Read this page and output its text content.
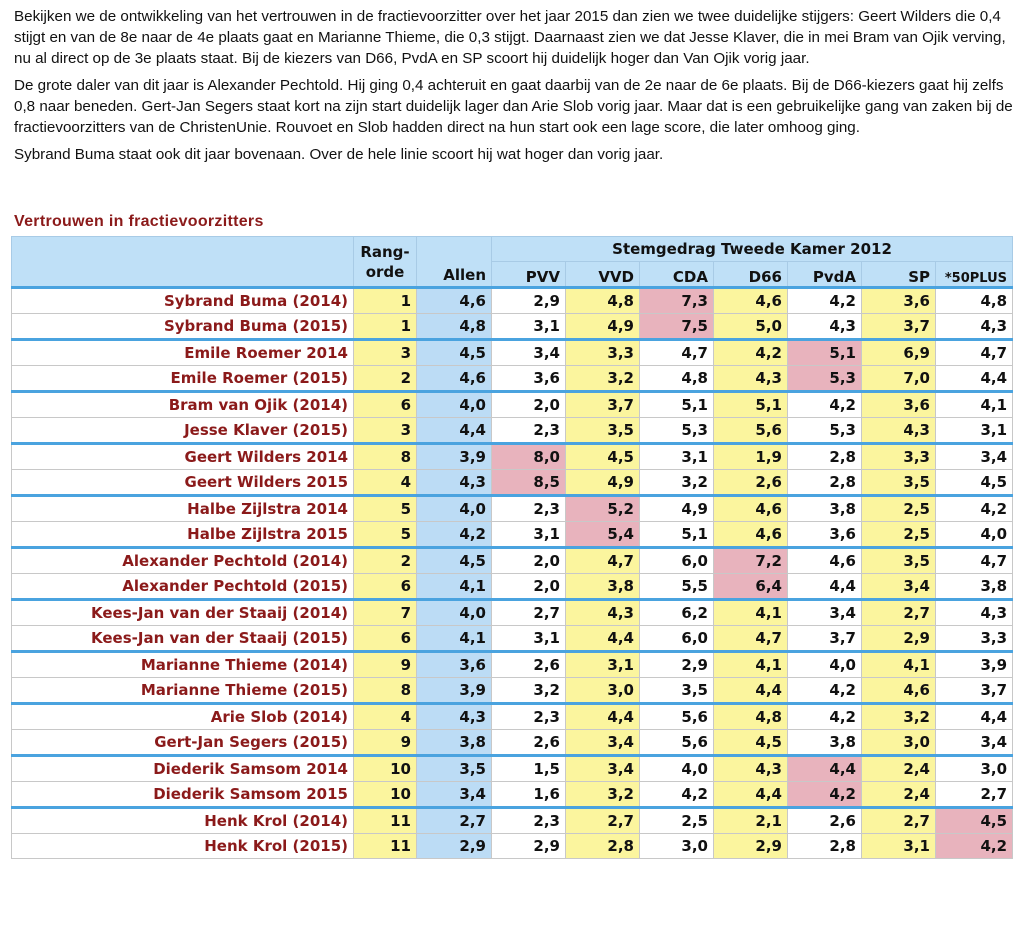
Bekijken we de ontwikkeling van het vertrouwen in de fractievoorzitter over het jaar 2015 dan zien we twee duidelijke stijgers: Geert Wilders die 0,4 stijgt en van de 8e naar de 4e plaats gaat en Marianne Thieme, die 0,3 stijgt. Daarnaast zien we dat Jesse Klaver, die in mei Bram van Ojik verving, nu al direct op de 3e plaats staat. Bij de kiezers van D66, PvdA en SP scoort hij duidelijk hoger dan Van Ojik vorig jaar.

De grote daler van dit jaar is Alexander Pechtold. Hij ging 0,4 achteruit en gaat daarbij van de 2e naar de 6e plaats. Bij de D66-kiezers gaat hij zelfs 0,8 naar beneden. Gert-Jan Segers staat kort na zijn start duidelijk lager dan Arie Slob vorig jaar. Maar dat is een gebruikelijke gang van zaken bij de fractievoorzitters van de ChristenUnie. Rouvoet en Slob hadden direct na hun start ook een lage score, die later omhoog ging.

Sybrand Buma staat ook dit jaar bovenaan. Over de hele linie scoort hij wat hoger dan vorig jaar.

Vertrouwen in fractievoorzitters
	Rang-
orde	Allen	Stemgedrag Tweede Kamer 2012						
			PVV	VVD	CDA	D66	PvdA	SP	*50PLUS
Sybrand Buma (2014)	1	4,6	2,9	4,8	7,3	4,6	4,2	3,6	4,8
Sybrand Buma (2015)	1	4,8	3,1	4,9	7,5	5,0	4,3	3,7	4,3
Emile Roemer 2014	3	4,5	3,4	3,3	4,7	4,2	5,1	6,9	4,7
Emile Roemer (2015)	2	4,6	3,6	3,2	4,8	4,3	5,3	7,0	4,4
Bram van Ojik (2014)	6	4,0	2,0	3,7	5,1	5,1	4,2	3,6	4,1
Jesse Klaver (2015)	3	4,4	2,3	3,5	5,3	5,6	5,3	4,3	3,1
Geert Wilders 2014	8	3,9	8,0	4,5	3,1	1,9	2,8	3,3	3,4
Geert Wilders 2015	4	4,3	8,5	4,9	3,2	2,6	2,8	3,5	4,5
Halbe Zijlstra 2014	5	4,0	2,3	5,2	4,9	4,6	3,8	2,5	4,2
Halbe Zijlstra 2015	5	4,2	3,1	5,4	5,1	4,6	3,6	2,5	4,0
Alexander Pechtold (2014)	2	4,5	2,0	4,7	6,0	7,2	4,6	3,5	4,7
Alexander Pechtold (2015)	6	4,1	2,0	3,8	5,5	6,4	4,4	3,4	3,8
Kees-Jan van der Staaij (2014)	7	4,0	2,7	4,3	6,2	4,1	3,4	2,7	4,3
Kees-Jan van der Staaij (2015)	6	4,1	3,1	4,4	6,0	4,7	3,7	2,9	3,3
Marianne Thieme (2014)	9	3,6	2,6	3,1	2,9	4,1	4,0	4,1	3,9
Marianne Thieme (2015)	8	3,9	3,2	3,0	3,5	4,4	4,2	4,6	3,7
Arie Slob (2014)	4	4,3	2,3	4,4	5,6	4,8	4,2	3,2	4,4
Gert-Jan Segers (2015)	9	3,8	2,6	3,4	5,6	4,5	3,8	3,0	3,4
Diederik Samsom 2014	10	3,5	1,5	3,4	4,0	4,3	4,4	2,4	3,0
Diederik Samsom 2015	10	3,4	1,6	3,2	4,2	4,4	4,2	2,4	2,7
Henk Krol (2014)	11	2,7	2,3	2,7	2,5	2,1	2,6	2,7	4,5
Henk Krol (2015)	11	2,9	2,9	2,8	3,0	2,9	2,8	3,1	4,2
